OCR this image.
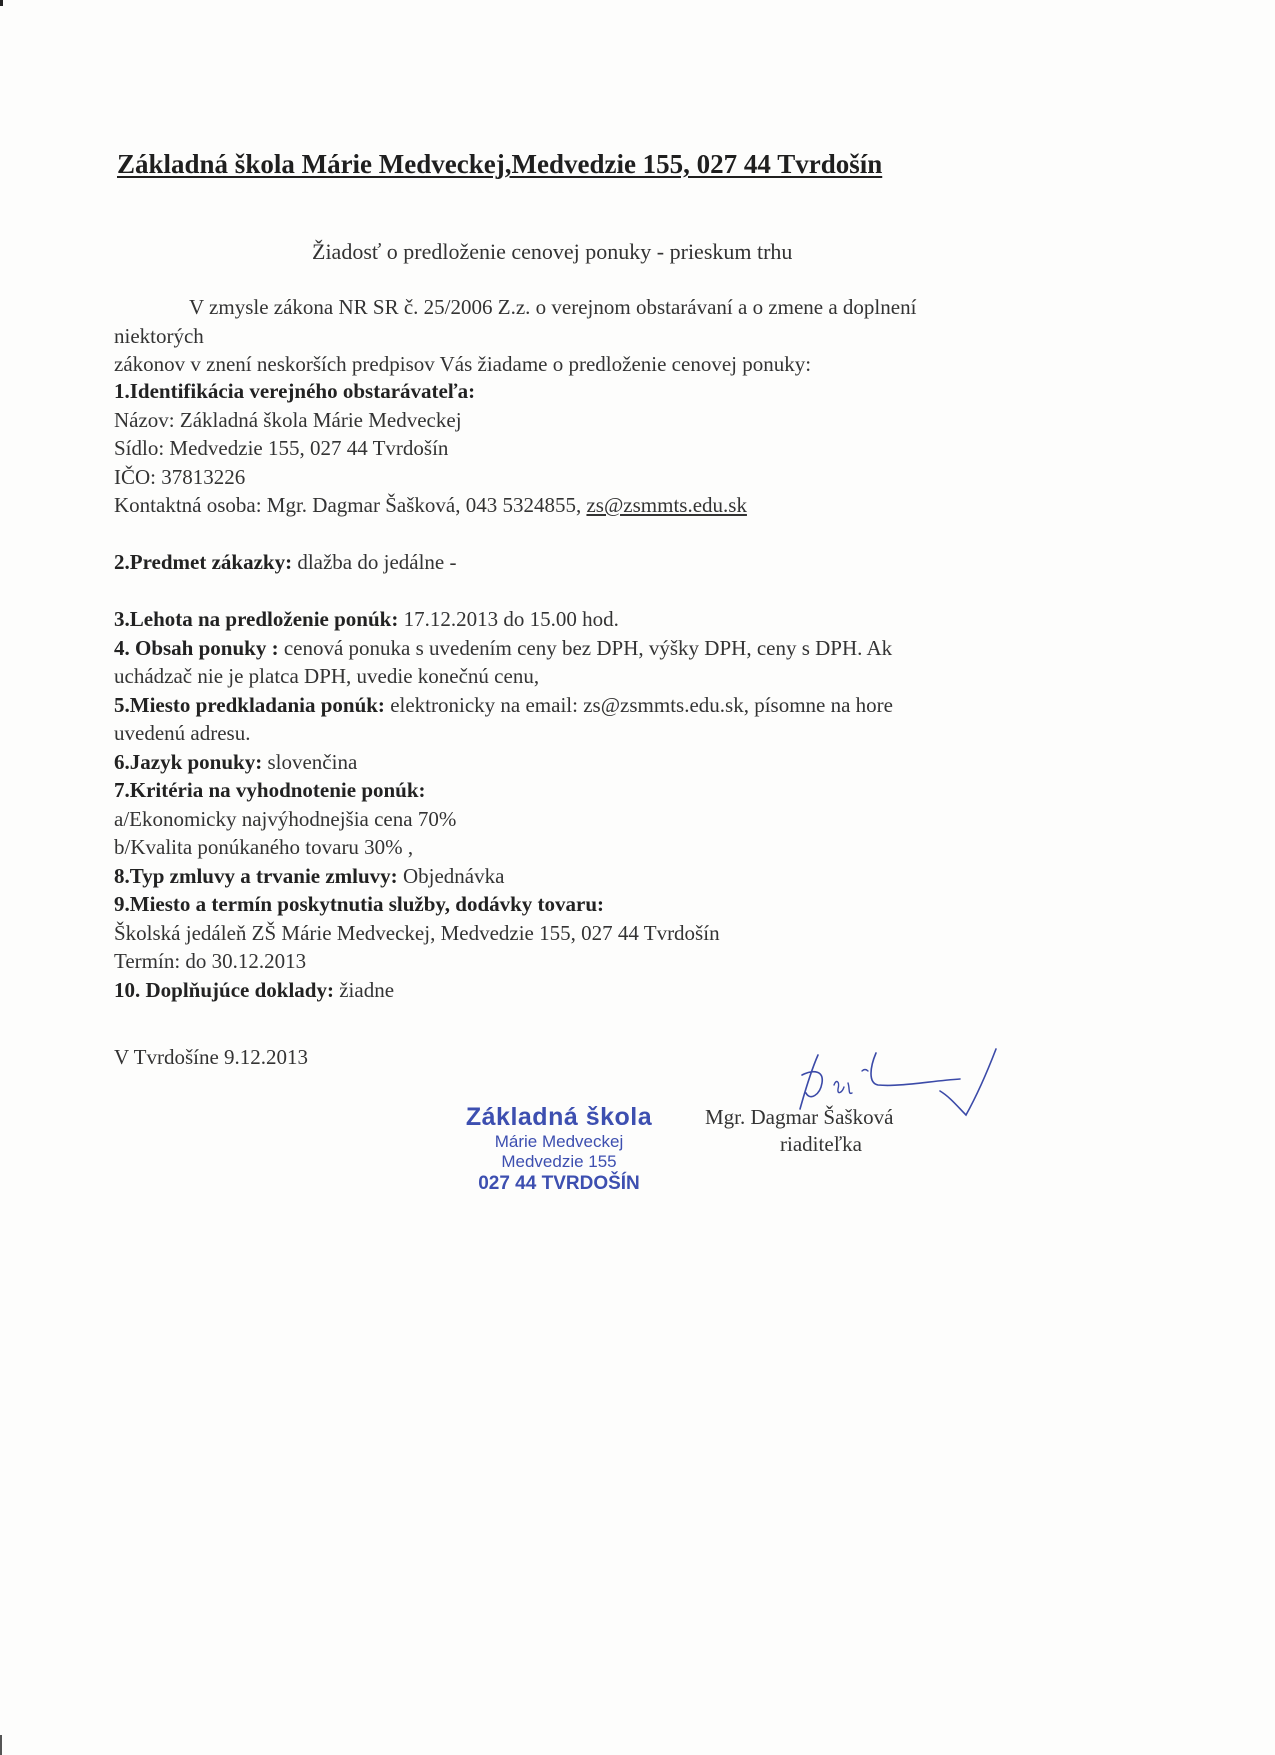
Základná škola Márie Medveckej,Medvedzie 155, 027 44 Tvrdošín
Žiadosť o predloženie cenovej ponuky - prieskum trhu
V zmysle zákona NR SR č. 25/2006 Z.z. o verejnom obstarávaní a o zmene a doplnení
niektorých
zákonov v znení neskorších predpisov Vás žiadame o predloženie cenovej ponuky:
1.Identifikácia verejného obstarávateľa:
Názov: Základná škola Márie Medveckej
Sídlo: Medvedzie 155, 027 44 Tvrdošín
IČO: 37813226
Kontaktná osoba: Mgr. Dagmar Šašková, 043 5324855, zs@zsmmts.edu.sk
2.Predmet zákazky: dlažba do jedálne -
3.Lehota na predloženie ponúk: 17.12.2013 do 15.00 hod.
4. Obsah ponuky : cenová ponuka s uvedením ceny bez DPH, výšky DPH, ceny s DPH. Ak
uchádzač nie je platca DPH, uvedie konečnú cenu,
5.Miesto predkladania ponúk: elektronicky na email: zs@zsmmts.edu.sk, písomne na hore
uvedenú adresu.
6.Jazyk ponuky: slovenčina
7.Kritéria na vyhodnotenie ponúk:
a/Ekonomicky najvýhodnejšia cena 70%
b/Kvalita ponúkaného tovaru 30% ,
8.Typ zmluvy a trvanie zmluvy: Objednávka
9.Miesto a termín poskytnutia služby, dodávky tovaru:
Školská jedáleň ZŠ Márie Medveckej, Medvedzie 155, 027 44 Tvrdošín
Termín: do 30.12.2013
10. Doplňujúce doklady: žiadne
V Tvrdošíne 9.12.2013
Základná škola
Márie Medveckej
Medvedzie 155
027 44 TVRDOŠÍN
Mgr. Dagmar Šašková
riaditeľka
